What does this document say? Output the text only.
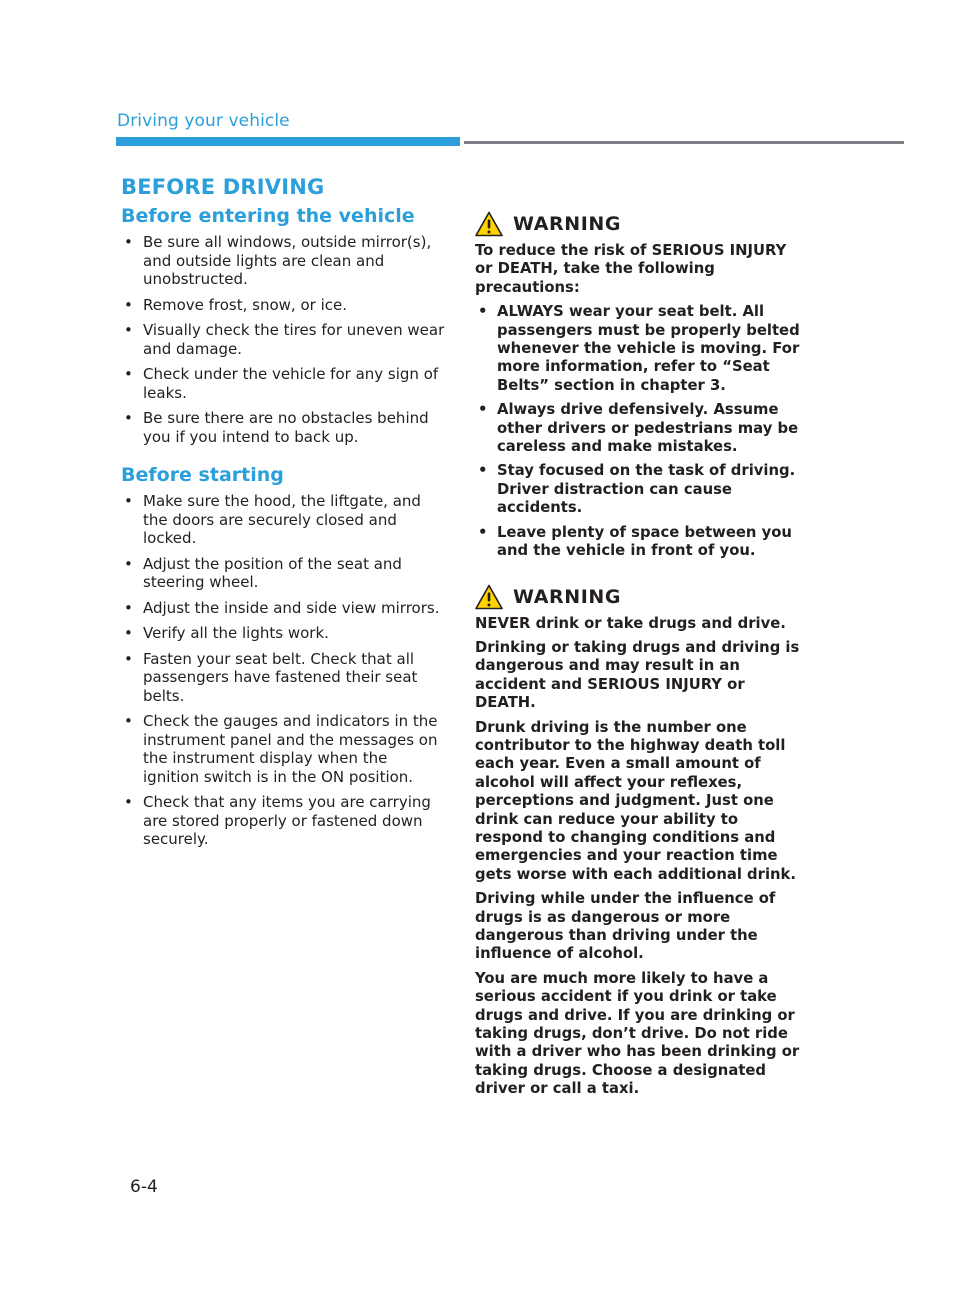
Driving your vehicle
BEFORE DRIVING
Before entering the vehicle
• Be sure all windows, outside mirror(s), and outside lights are clean and unobstructed.
• Remove frost, snow, or ice.
• Visually check the tires for uneven wear and damage.
• Check under the vehicle for any sign of leaks.
• Be sure there are no obstacles behind you if you intend to back up.
Before starting
• Make sure the hood, the liftgate, and the doors are securely closed and locked.
• Adjust the position of the seat and steering wheel.
• Adjust the inside and side view mirrors.
• Verify all the lights work.
• Fasten your seat belt. Check that all passengers have fastened their seat belts.
• Check the gauges and indicators in the instrument panel and the messages on the instrument display when the ignition switch is in the ON position.
• Check that any items you are carrying are stored properly or fastened down securely.
WARNING

To reduce the risk of SERIOUS INJURY or DEATH, take the following precautions:

• ALWAYS wear your seat belt. All passengers must be properly belted whenever the vehicle is moving. For more information, refer to “Seat Belts” section in chapter 3.
• Always drive defensively. Assume other drivers or pedestrians may be careless and make mistakes.
• Stay focused on the task of driving. Driver distraction can cause accidents.
• Leave plenty of space between you and the vehicle in front of you.
WARNING

NEVER drink or take drugs and drive.

Drinking or taking drugs and driving is dangerous and may result in an accident and SERIOUS INJURY or DEATH.

Drunk driving is the number one contributor to the highway death toll each year. Even a small amount of alcohol will affect your reflexes, perceptions and judgment. Just one drink can reduce your ability to respond to changing conditions and emergencies and your reaction time gets worse with each additional drink.

Driving while under the influence of drugs is as dangerous or more dangerous than driving under the influence of alcohol.

You are much more likely to have a serious accident if you drink or take drugs and drive. If you are drinking or taking drugs, don’t drive. Do not ride with a driver who has been drinking or taking drugs. Choose a designated driver or call a taxi.

6-4
